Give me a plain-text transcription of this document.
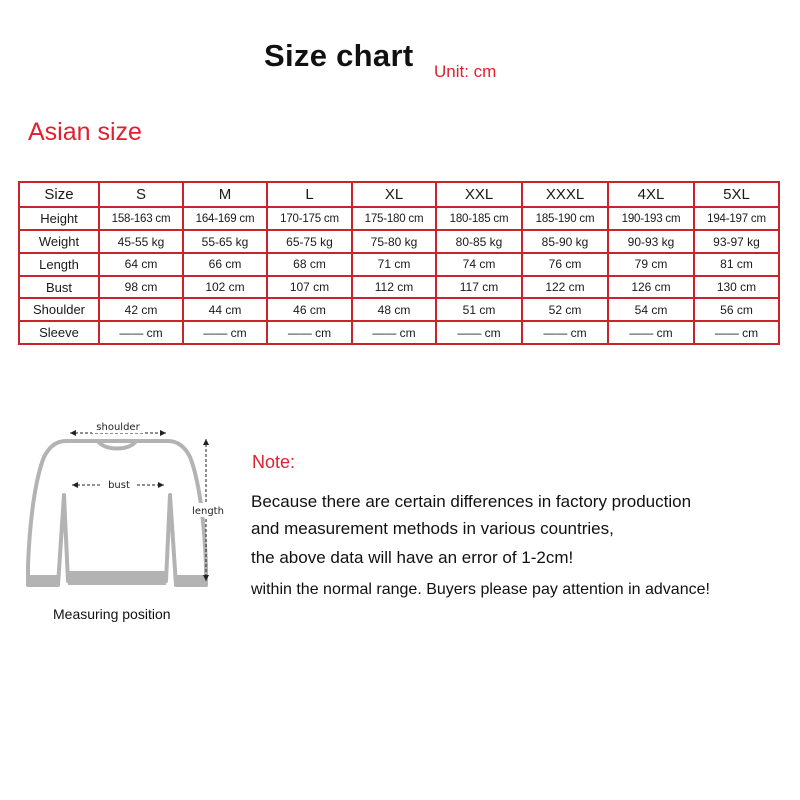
Size chart Unit: cm
Asian size
Size	S	M	L	XL	XXL	XXXL	4XL	5XL
Height	158-163 cm	164-169 cm	170-175 cm	175-180 cm	180-185 cm	185-190 cm	190-193 cm	194-197 cm
Weight	45-55 kg	55-65 kg	65-75 kg	75-80 kg	80-85 kg	85-90 kg	90-93 kg	93-97 kg
Length	64 cm	66 cm	68 cm	71 cm	74 cm	76 cm	79 cm	81 cm
Bust	98 cm	102 cm	107 cm	112 cm	117 cm	122 cm	126 cm	130 cm
Shoulder	42 cm	44 cm	46 cm	48 cm	51 cm	52 cm	54 cm	56 cm
Sleeve	—— cm	—— cm	—— cm	—— cm	—— cm	—— cm	—— cm	—— cm
shoulder
bust
length
Measuring position
Note:
Because there are certain differences in factory production
and measurement methods in various countries,
the above data will have an error of 1-2cm!
within the normal range. Buyers please pay attention in advance!
